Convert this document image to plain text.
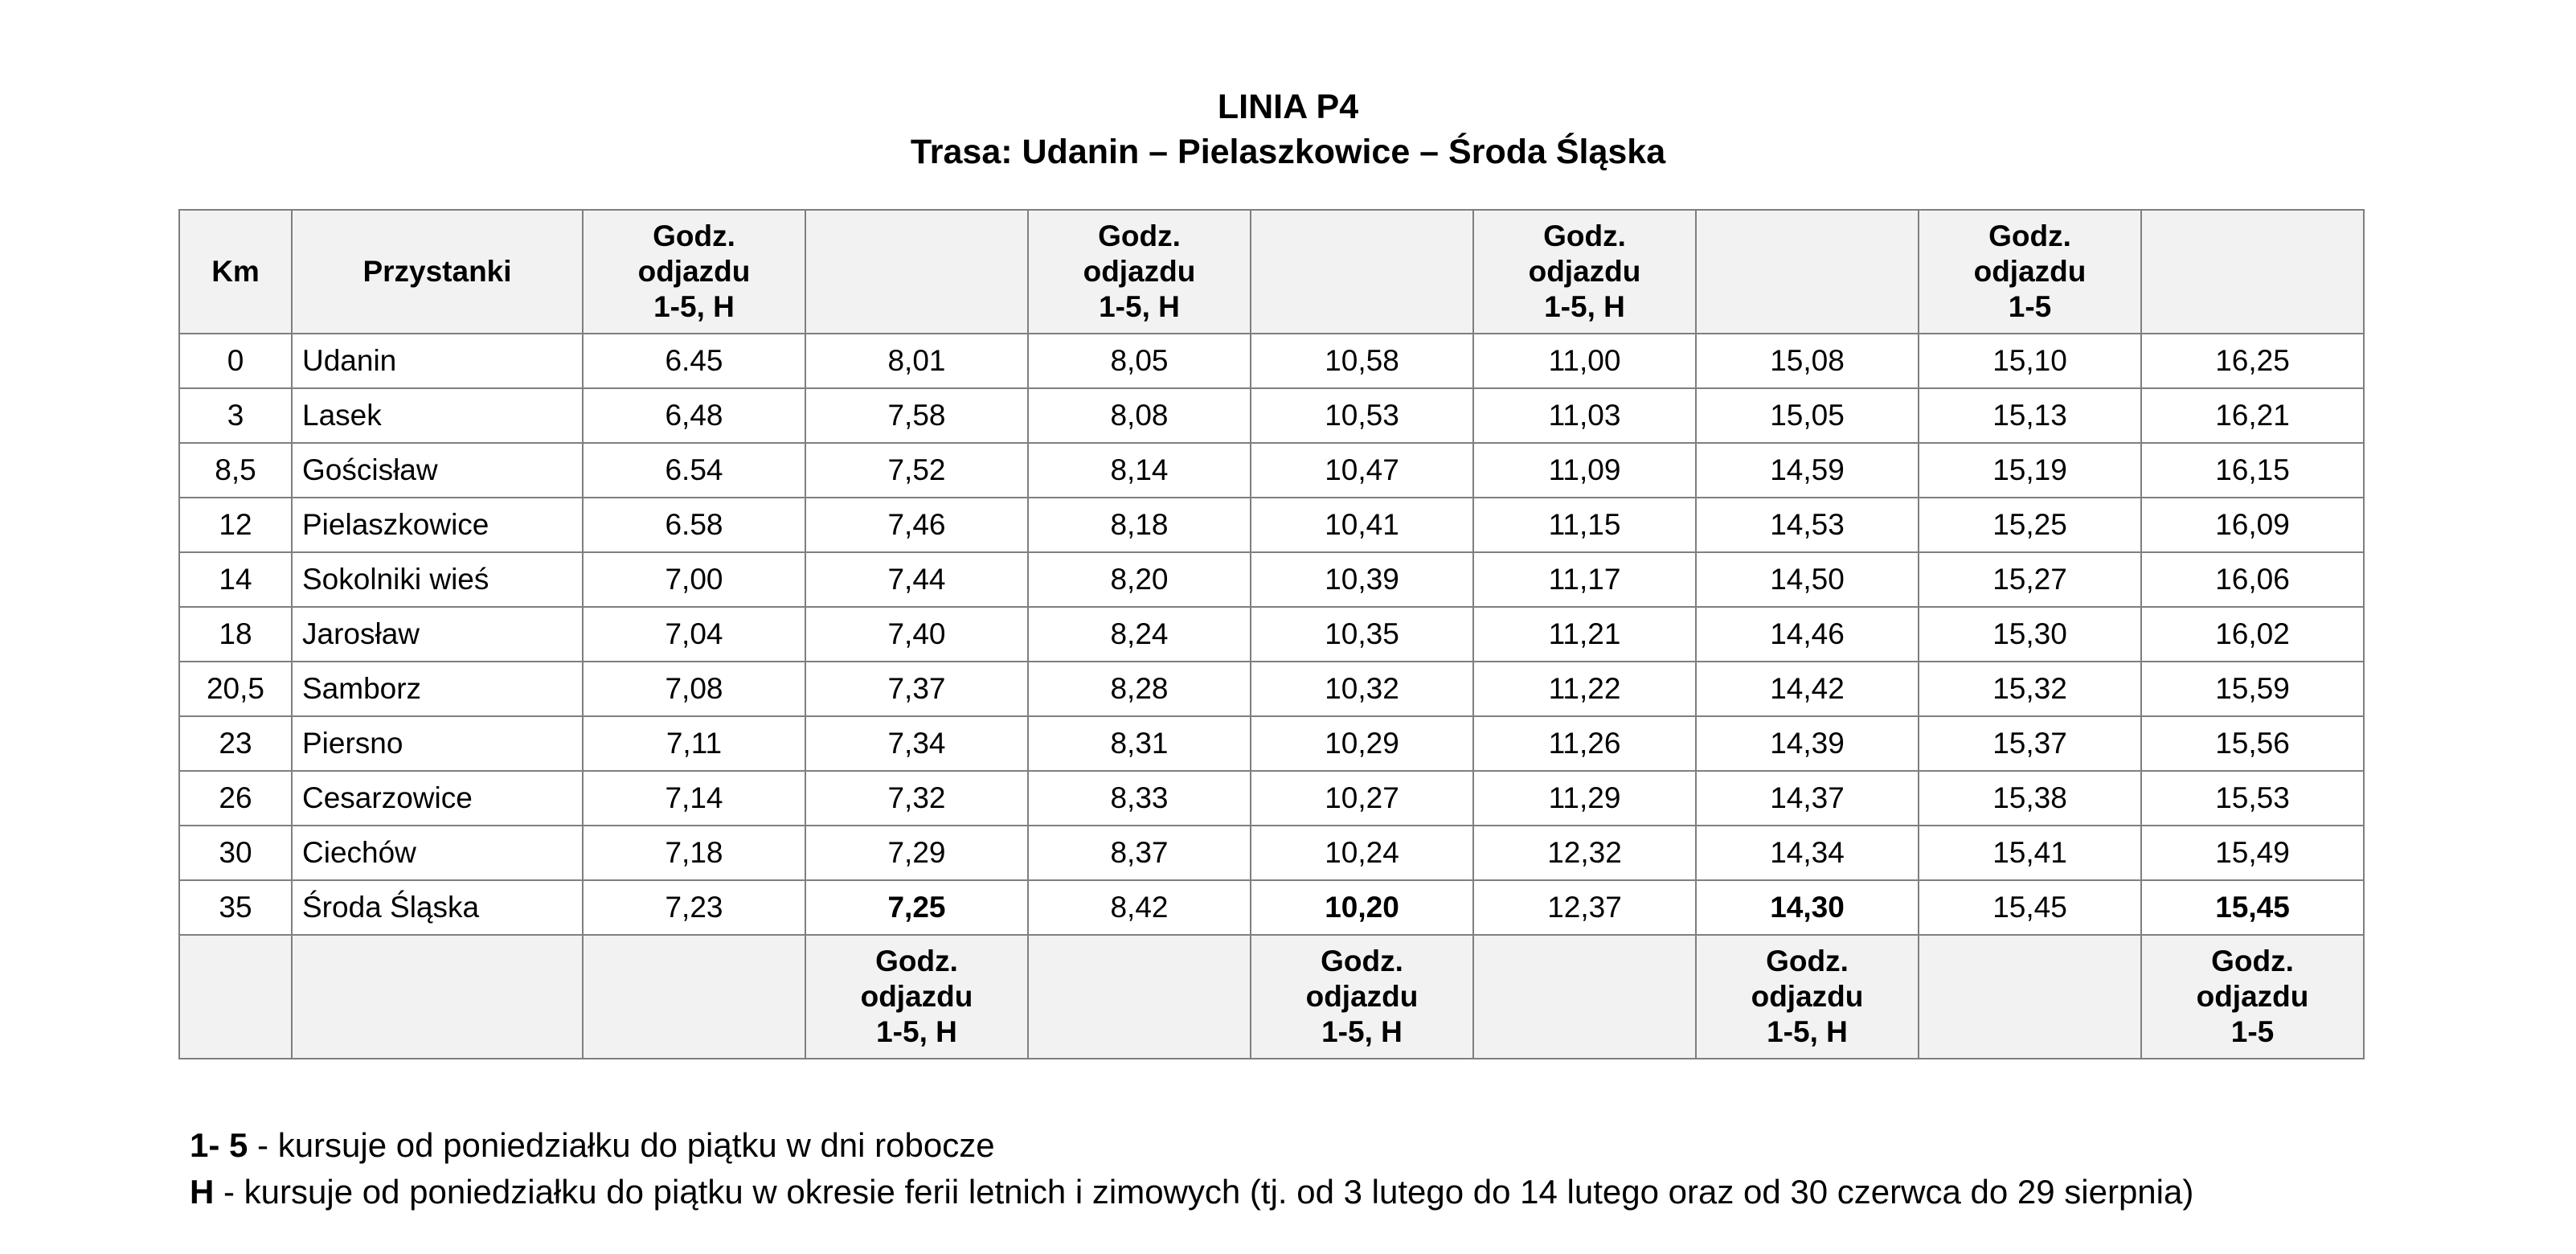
LINIA P4
Trasa: Udanin – Pielaszkowice – Środa Śląska
Km	Przystanki	Godz.
odjazdu
1-5, H		Godz.
odjazdu
1-5, H		Godz.
odjazdu
1-5, H		Godz.
odjazdu
1-5	
0	Udanin	6.45	8,01	8,05	10,58	11,00	15,08	15,10	16,25
3	Lasek	6,48	7,58	8,08	10,53	11,03	15,05	15,13	16,21
8,5	Gościsław	6.54	7,52	8,14	10,47	11,09	14,59	15,19	16,15
12	Pielaszkowice	6.58	7,46	8,18	10,41	11,15	14,53	15,25	16,09
14	Sokolniki wieś	7,00	7,44	8,20	10,39	11,17	14,50	15,27	16,06
18	Jarosław	7,04	7,40	8,24	10,35	11,21	14,46	15,30	16,02
20,5	Samborz	7,08	7,37	8,28	10,32	11,22	14,42	15,32	15,59
23	Piersno	7,11	7,34	8,31	10,29	11,26	14,39	15,37	15,56
26	Cesarzowice	7,14	7,32	8,33	10,27	11,29	14,37	15,38	15,53
30	Ciechów	7,18	7,29	8,37	10,24	12,32	14,34	15,41	15,49
35	Środa Śląska	7,23	7,25	8,42	10,20	12,37	14,30	15,45	15,45
			Godz.
odjazdu
1-5, H		Godz.
odjazdu
1-5, H		Godz.
odjazdu
1-5, H		Godz.
odjazdu
1-5
1- 5 - kursuje od poniedziałku do piątku w dni robocze
H - kursuje od poniedziałku do piątku w okresie ferii letnich i zimowych (tj. od 3 lutego do 14 lutego oraz od 30 czerwca do 29 sierpnia)
